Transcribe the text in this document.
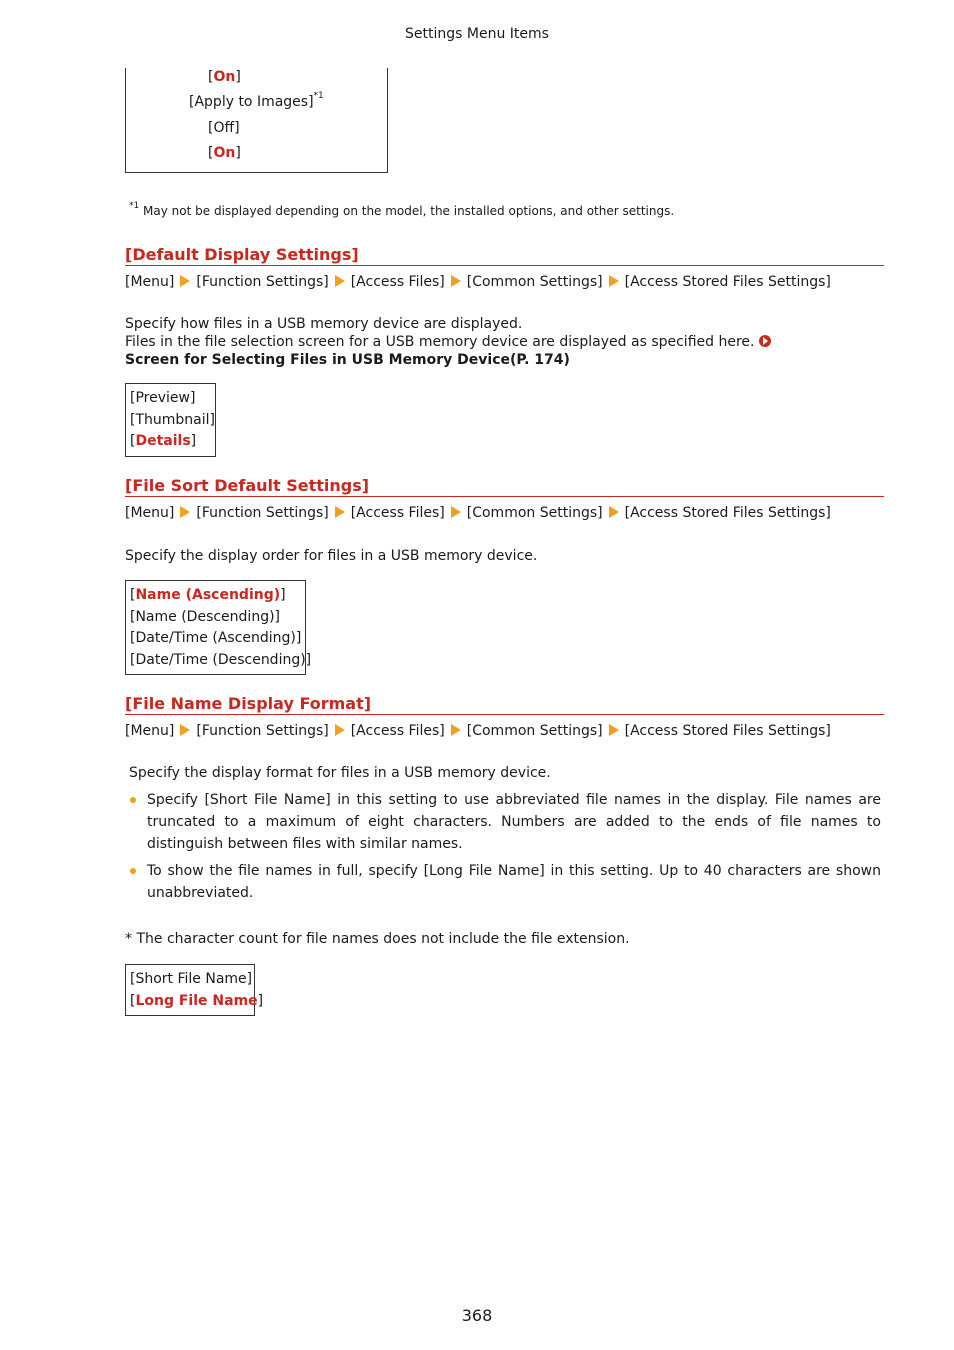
Settings Menu Items
[On]
[Apply to Images]$^{*1}$
[Off]
[On]
$^{*1}$ May not be displayed depending on the model, the installed options, and other settings.
[Default Display Settings]
[Menu] [Function Settings] [Access Files] [Common Settings] [Access Stored Files Settings]
Specify how files in a USB memory device are displayed.
Files in the file selection screen for a USB memory device are displayed as specified here. Screen for Selecting Files in USB Memory Device(P. 174)
[Preview]
[Thumbnail]
[Details]
[File Sort Default Settings]
[Menu] [Function Settings] [Access Files] [Common Settings] [Access Stored Files Settings]
Specify the display order for files in a USB memory device.
[Name (Ascending)]
[Name (Descending)]
[Date/Time (Ascending)]
[Date/Time (Descending)]
[File Name Display Format]
[Menu] [Function Settings] [Access Files] [Common Settings] [Access Stored Files Settings]
Specify the display format for files in a USB memory device.
Specify [Short File Name] in this setting to use abbreviated file names in the display. File names are truncated to a maximum of eight characters. Numbers are added to the ends of file names to distinguish between files with similar names.
To show the file names in full, specify [Long File Name] in this setting. Up to 40 characters are shown unabbreviated.
* The character count for file names does not include the file extension.
[Short File Name]
[Long File Name]
368
